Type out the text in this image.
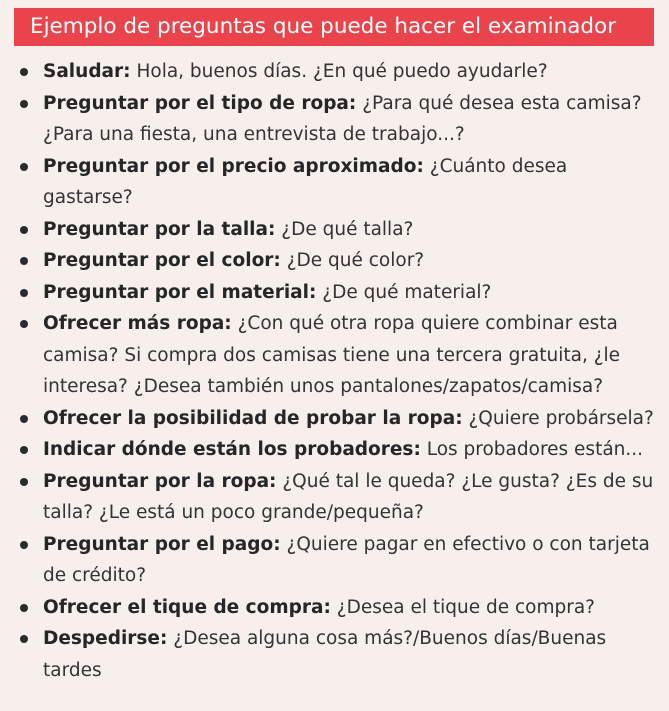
Ejemplo de preguntas que puede hacer el examinador
Saludar: Hola, buenos días. ¿En qué puedo ayudarle?
Preguntar por el tipo de ropa: ¿Para qué desea esta camisa? ¿Para una fiesta, una entrevista de trabajo...?
Preguntar por el precio aproximado: ¿Cuánto desea gastarse?
Preguntar por la talla: ¿De qué talla?
Preguntar por el color: ¿De qué color?
Preguntar por el material: ¿De qué material?
Ofrecer más ropa: ¿Con qué otra ropa quiere combinar esta camisa? Si compra dos camisas tiene una tercera gratuita, ¿le interesa? ¿Desea también unos pantalones/zapatos/camisa?
Ofrecer la posibilidad de probar la ropa: ¿Quiere probársela?
Indicar dónde están los probadores: Los probadores están...
Preguntar por la ropa: ¿Qué tal le queda? ¿Le gusta? ¿Es de su talla? ¿Le está un poco grande/pequeña?
Preguntar por el pago: ¿Quiere pagar en efectivo o con tarjeta de crédito?
Ofrecer el tique de compra: ¿Desea el tique de compra?
Despedirse: ¿Desea alguna cosa más?/Buenos días/Buenas tardes
